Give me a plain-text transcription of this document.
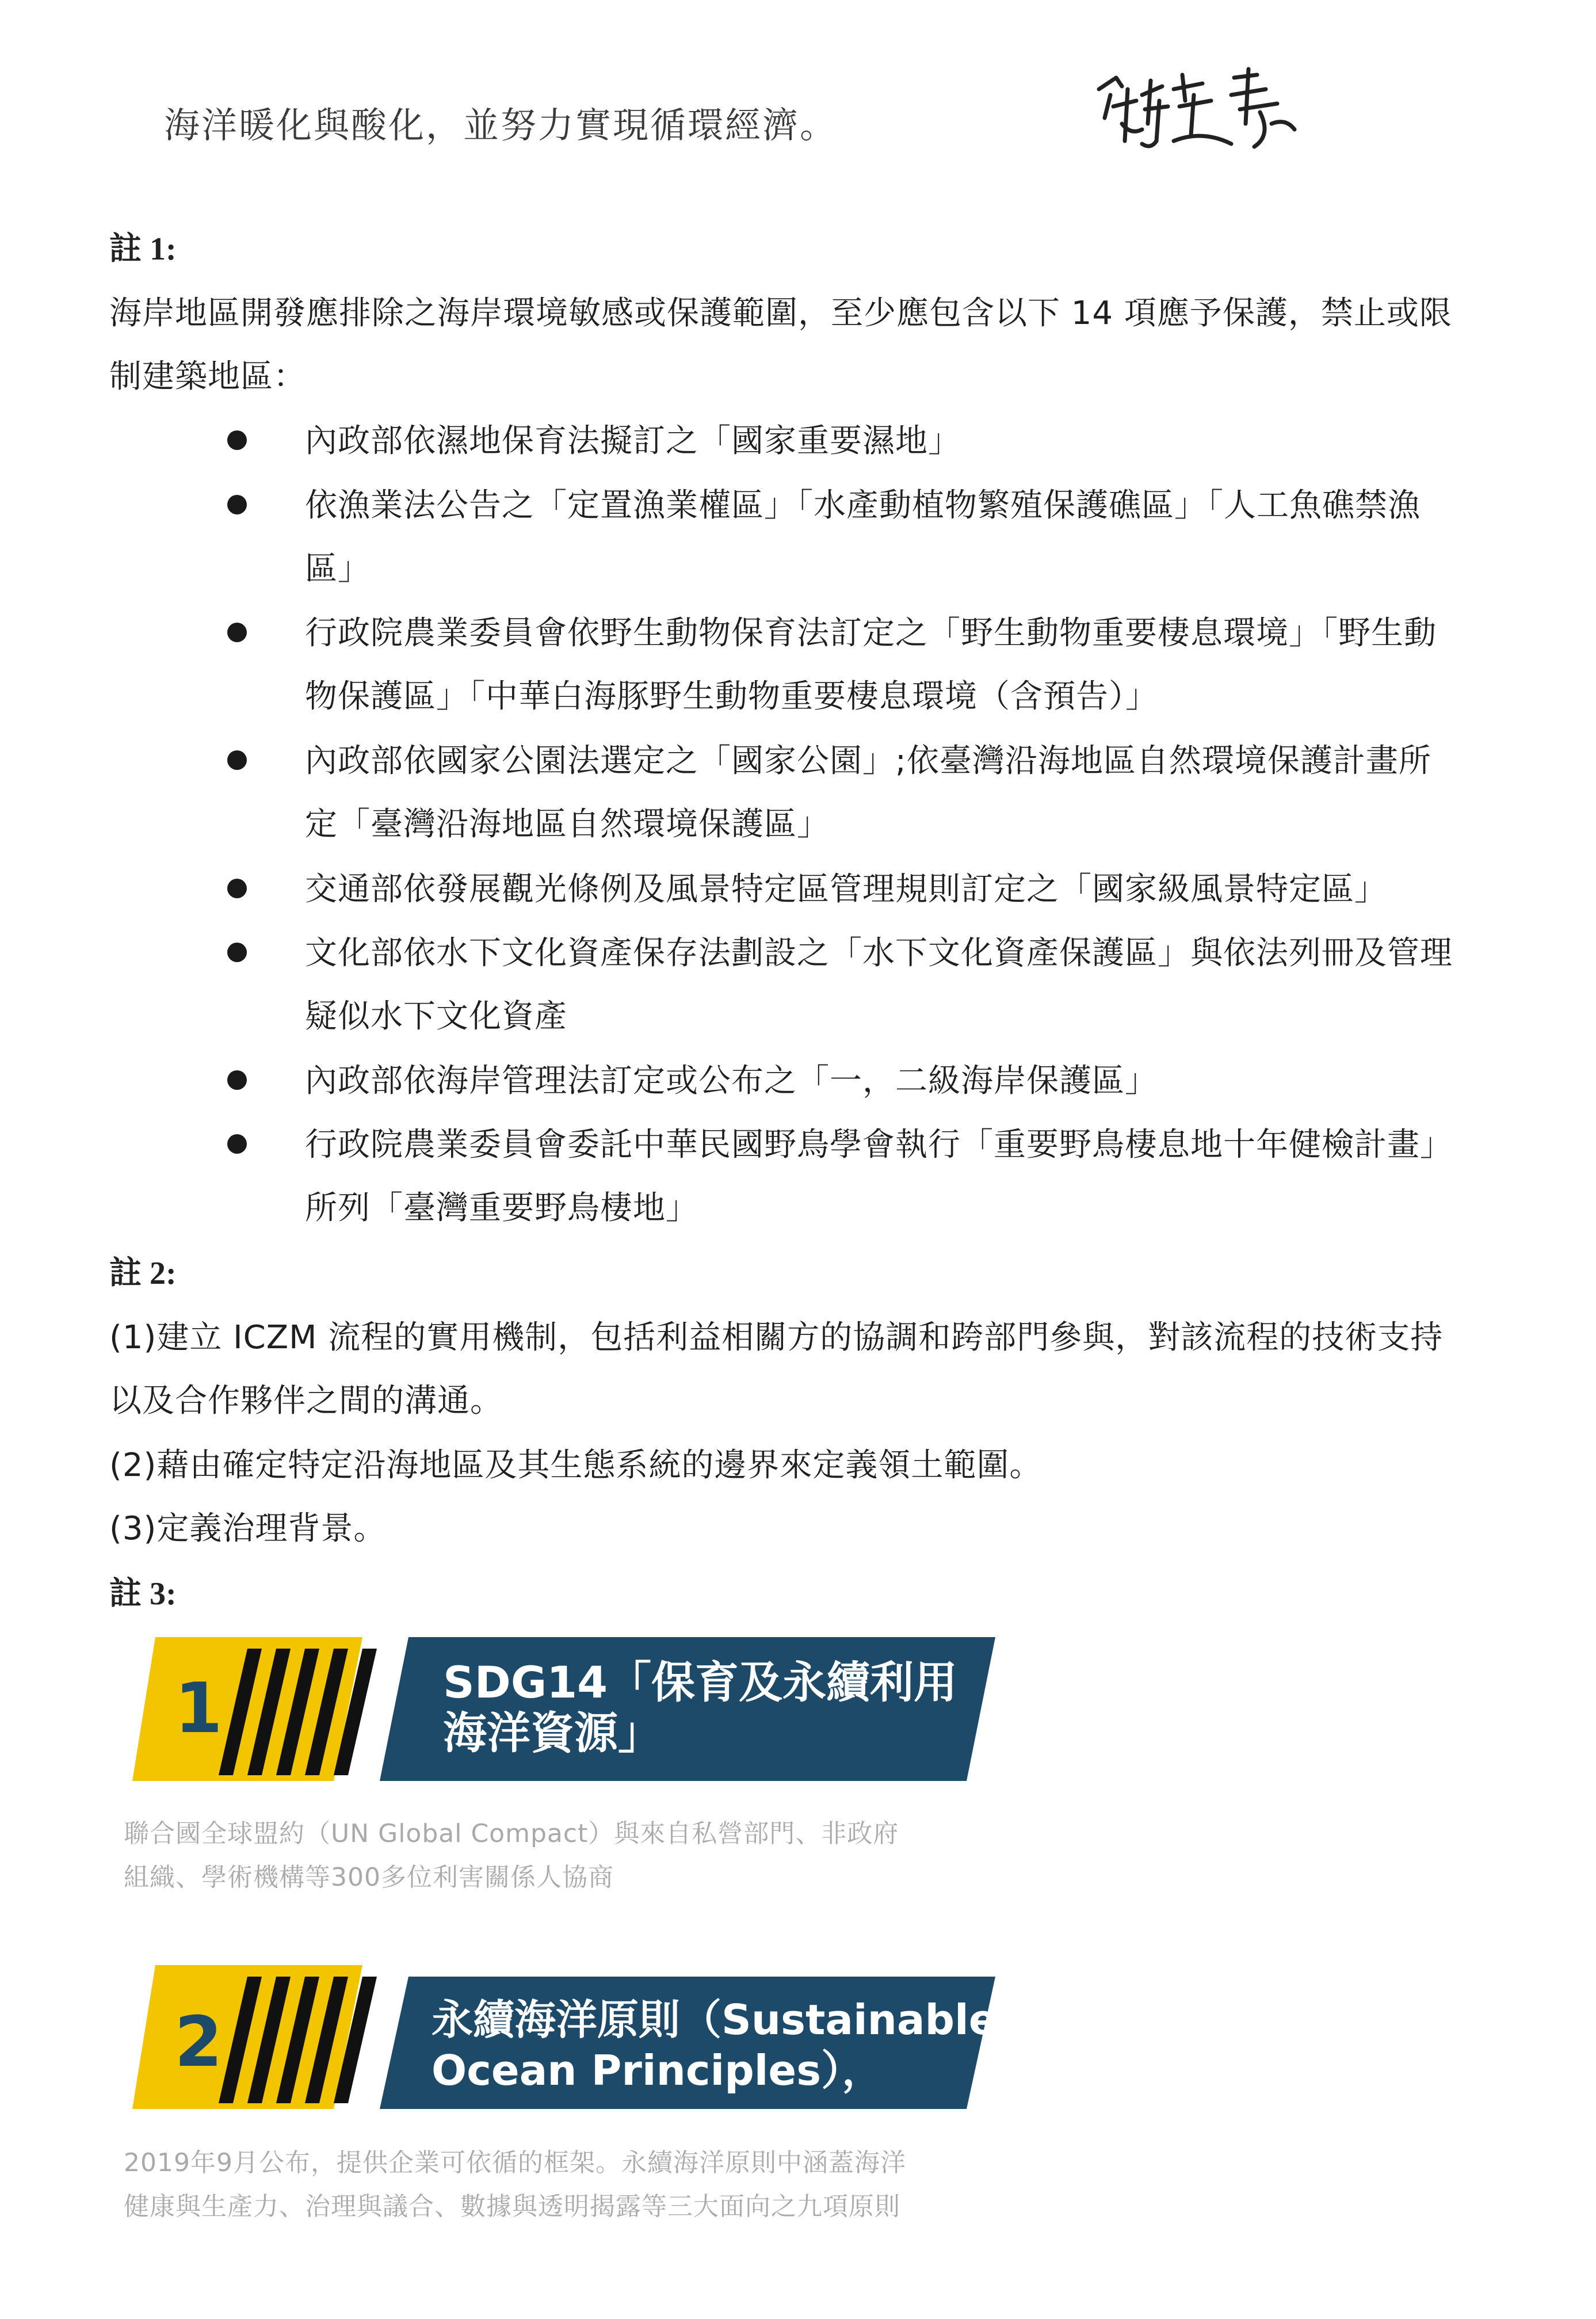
海洋暖化與酸化，並努力實現循環經濟。
註 1:
海岸地區開發應排除之海岸環境敏感或保護範圍，至少應包含以下 14 項應予保護，禁止或限
制建築地區：
內政部依濕地保育法擬訂之「國家重要濕地」
依漁業法公告之「定置漁業權區」「水產動植物繁殖保護礁區」「人工魚礁禁漁
區」
行政院農業委員會依野生動物保育法訂定之「野生動物重要棲息環境」「野生動
物保護區」「中華白海豚野生動物重要棲息環境（含預告）」
內政部依國家公園法選定之「國家公園」;依臺灣沿海地區自然環境保護計畫所
定「臺灣沿海地區自然環境保護區」
交通部依發展觀光條例及風景特定區管理規則訂定之「國家級風景特定區」
文化部依水下文化資產保存法劃設之「水下文化資產保護區」與依法列冊及管理
疑似水下文化資產
內政部依海岸管理法訂定或公布之「一，二級海岸保護區」
行政院農業委員會委託中華民國野鳥學會執行「重要野鳥棲息地十年健檢計畫」
所列「臺灣重要野鳥棲地」
註 2:
(1)建立 ICZM 流程的實用機制，包括利益相關方的協調和跨部門參與，對該流程的技術支持
以及合作夥伴之間的溝通。
(2)藉由確定特定沿海地區及其生態系統的邊界來定義領土範圍。
(3)定義治理背景。
註 3:
1	SDG14「保育及永續利用
海洋資源」
聯合國全球盟約（UN Global Compact）與來自私營部門、非政府
組織、學術機構等300多位利害關係人協商
2	永續海洋原則（Sustainable
Ocean Principles），
2019年9月公布，提供企業可依循的框架。永續海洋原則中涵蓋海洋
健康與生產力、治理與議合、數據與透明揭露等三大面向之九項原則
